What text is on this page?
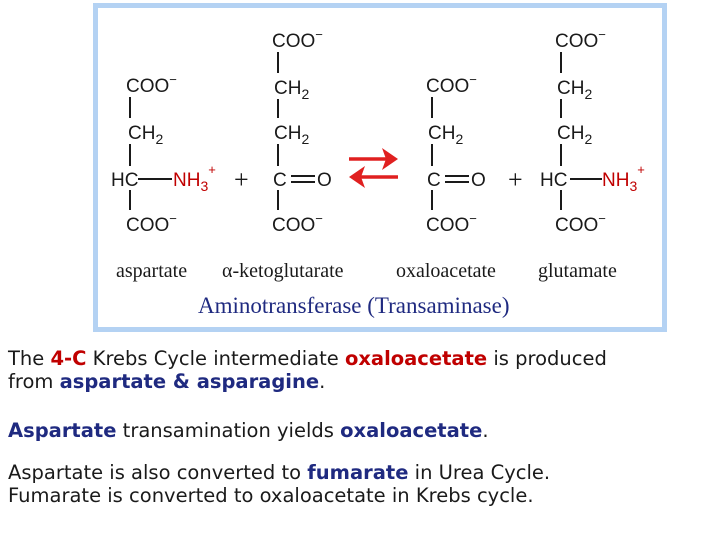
COO−
$CH_2$
HC $NH_3^+$
COO−
+
COO−
$CH_2$
$CH_2$
C O
COO−
COO−
$CH_2$
C O
COO−
+
COO−
$CH_2$
$CH_2$
HC $NH_3^+$
COO−
aspartate α-ketoglutarate	oxaloacetate glutamate
Aminotransferase (Transaminase)
The 4-C Krebs Cycle intermediate oxaloacetate is produced
from aspartate & asparagine.
Aspartate transamination yields oxaloacetate.
Aspartate is also converted to fumarate in Urea Cycle.
Fumarate is converted to oxaloacetate in Krebs cycle.
